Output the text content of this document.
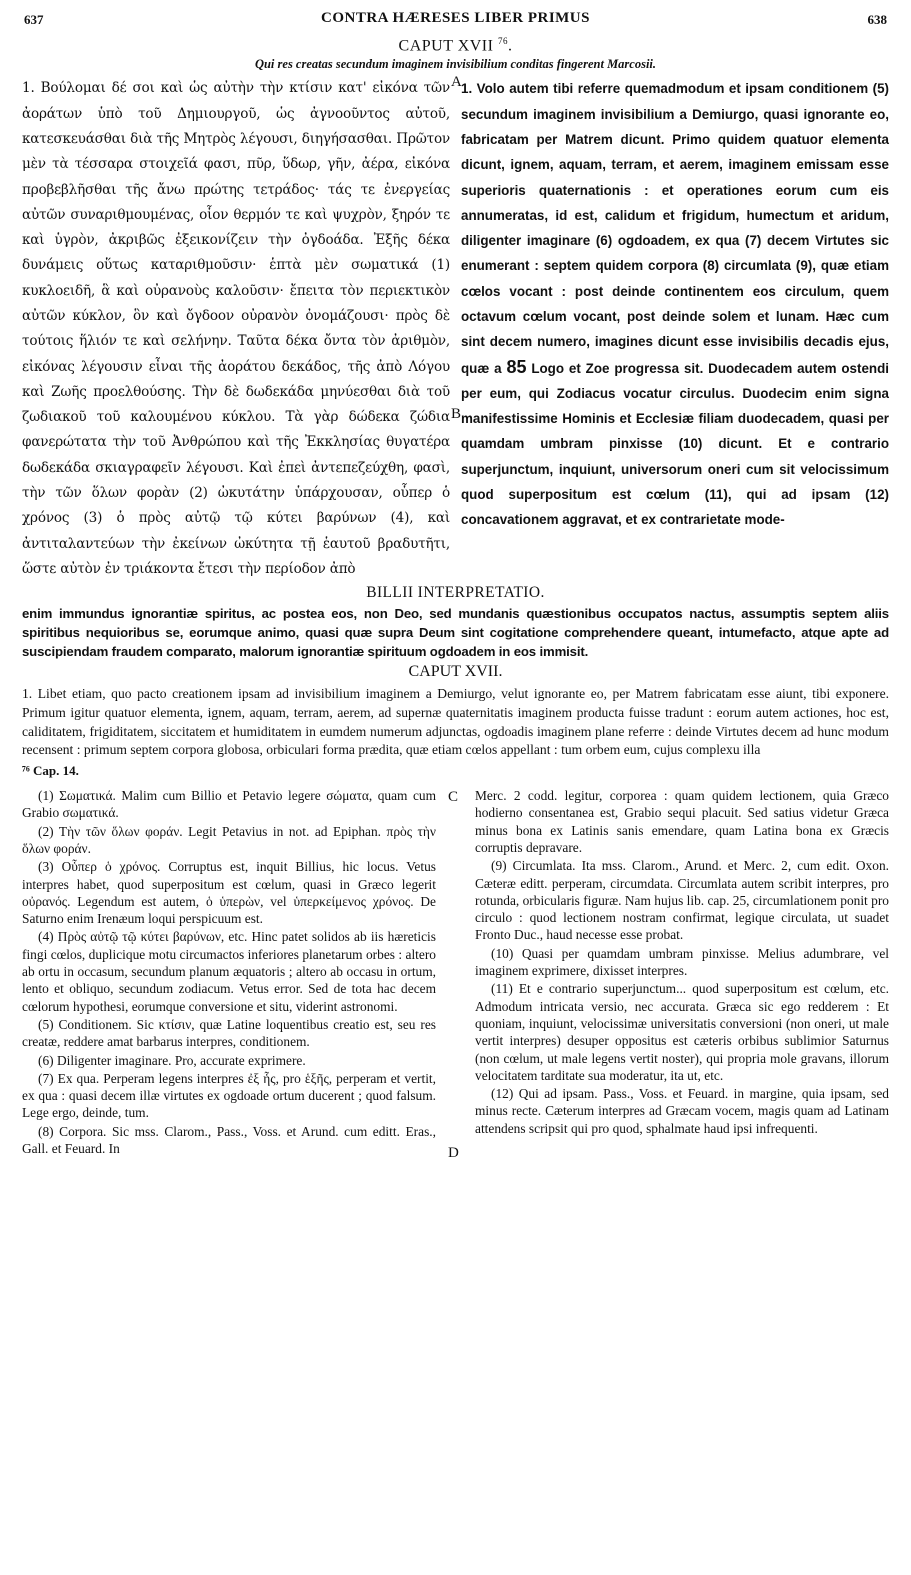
637	CONTRA HÆRESES LIBER PRIMUS	638
CAPUT XVII $^{76}$.
Qui res creatas secundum imaginem invisibilium conditas fingerent Marcosii.

1. Βούλομαι δέ σοι καὶ ὡς αὐτὴν τὴν κτίσιν κατ' εἰκόνα τῶν ἀοράτων ὑπὸ τοῦ Δημιουργοῦ, ὡς ἀγνοοῦντος αὐτοῦ, κατεσκευάσθαι διὰ τῆς Μητρὸς λέγουσι, διηγήσασθαι. Πρῶτον μὲν τὰ τέσσαρα στοιχεῖά φασι, πῦρ, ὕδωρ, γῆν, ἀέρα, εἰκόνα προβεβλῆσθαι τῆς ἄνω πρώτης τετράδος· τάς τε ἐνεργείας αὐτῶν συναριθμουμένας, οἷον θερμόν τε καὶ ψυχρὸν, ξηρόν τε καὶ ὑγρὸν, ἀκριβῶς ἐξεικονίζειν τὴν ὀγδοάδα. Ἐξῆς δέκα δυνάμεις οὕτως καταριθμοῦσιν· ἑπτὰ μὲν σωματικά (1) κυκλοειδῆ, ἃ καὶ οὐρανοὺς καλοῦσιν· ἔπειτα τὸν περιεκτικὸν αὐτῶν κύκλον, ὃν καὶ ὄγδοον οὐρανὸν ὀνομάζουσι· πρὸς δὲ τούτοις ἥλιόν τε καὶ σελήνην. Ταῦτα δέκα ὄντα τὸν ἀριθμὸν, εἰκόνας λέγουσιν εἶναι τῆς ἀοράτου δεκάδος, τῆς ἀπὸ Λόγου καὶ Ζωῆς προελθούσης. Τὴν δὲ δωδεκάδα μηνύεσθαι διὰ τοῦ ζωδιακοῦ τοῦ καλουμένου κύκλου. Τὰ γὰρ δώδεκα ζώδια φανερώτατα τὴν τοῦ Ἀνθρώπου καὶ τῆς Ἐκκλησίας θυγατέρα δωδεκάδα σκιαγραφεῖν λέγουσι. Καὶ ἐπεὶ ἀντεπεζεύχθη, φασὶ, τὴν τῶν ὅλων φορὰν (2) ὠκυτάτην ὑπάρχουσαν, οὗπερ ὁ χρόνος (3) ὁ πρὸς αὐτῷ τῷ κύτει βαρύνων (4), καὶ ἀντιταλαντεύων τὴν ἐκείνων ὠκύτητα τῇ ἑαυτοῦ βραδυτῆτι, ὥστε αὐτὸν ἐν τριάκοντα ἔτεσι τὴν περίοδον ἀπὸ

A
B

1. Volo autem tibi referre quemadmodum et ipsam conditionem (5) secundum imaginem invisibilium a Demiurgo, quasi ignorante eo, fabricatam per Matrem dicunt. Primo quidem quatuor elementa dicunt, ignem, aquam, terram, et aerem, imaginem emissam esse superioris quaternationis : et operationes eorum cum eis annumeratas, id est, calidum et frigidum, humectum et aridum, diligenter imaginare (6) ogdoadem, ex qua (7) decem Virtutes sic enumerant : septem quidem corpora (8) circumlata (9), quæ etiam cœlos vocant : post deinde continentem eos circulum, quem octavum cœlum vocant, post deinde solem et lunam. Hæc cum sint decem numero, imagines dicunt esse invisibilis decadis ejus, quæ a 85 Logo et Zoe progressa sit. Duodecadem autem ostendi per eum, qui Zodiacus vocatur circulus. Duodecim enim signa manifestissime Hominis et Ecclesiæ filiam duodecadem, quasi per quamdam umbram pinxisse (10) dicunt. Et e contrario superjunctum, inquiunt, universorum oneri cum sit velocissimum quod superpositum est cœlum (11), qui ad ipsam (12) concavationem aggravat, et ex contrarietate mode-

BILLII INTERPRETATIO.

enim immundus ignorantiæ spiritus, ac postea eos, non Deo, sed mundanis quæstionibus occupatos nactus, assumptis septem aliis spiritibus nequioribus se, eorumque animo, quasi quæ supra Deum sint cogitatione comprehendere queant, intumefacto, atque apte ad suscipiendam fraudem comparato, malorum ignorantiæ spirituum ogdoadem in eos immisit.

CAPUT XVII.

1. Libet etiam, quo pacto creationem ipsam ad invisibilium imaginem a Demiurgo, velut ignorante eo, per Matrem fabricatam esse aiunt, tibi exponere. Primum igitur quatuor elementa, ignem, aquam, terram, aerem, ad supernæ quaternitatis imaginem producta fuisse tradunt : eorum autem actiones, hoc est, caliditatem, frigiditatem, siccitatem et humiditatem in eumdem numerum adjunctas, ogdoadis imaginem plane referre : deinde Virtutes decem ad hunc modum recensent : primum septem corpora globosa, orbiculari forma prædita, quæ etiam cœlos appellant : tum orbem eum, cujus complexu illa

⁷⁶ Cap. 14.

(1) Σωματικά. Malim cum Billio et Petavio legere σώματα, quam cum Grabio σωματικά.

(2) Τὴν τῶν ὅλων φοράν. Legit Petavius in not. ad Epiphan. πρὸς τὴν ὅλων φοράν.

(3) Οὗπερ ὁ χρόνος. Corruptus est, inquit Billius, hic locus. Vetus interpres habet, quod superpositum est cœlum, quasi in Græco legerit οὐρανός. Legendum est autem, ὁ ὑπερὼν, vel ὑπερκείμενος χρόνος. De Saturno enim Irenæum loqui perspicuum est.

(4) Πρὸς αὐτῷ τῷ κύτει βαρύνων, etc. Hinc patet solidos ab iis hæreticis fingi cœlos, duplicique motu circumactos inferiores planetarum orbes : altero ab ortu in occasum, secundum planum æquatoris ; altero ab occasu in ortum, lento et obliquo, secundum zodiacum. Vetus error. Sed de tota hac decem cœlorum hypothesi, eorumque conversione et situ, viderint astronomi.

(5) Conditionem. Sic κτίσιν, quæ Latine loquentibus creatio est, seu res creatæ, reddere amat barbarus interpres, conditionem.

(6) Diligenter imaginare. Pro, accurate exprimere.

(7) Ex qua. Perperam legens interpres ἐξ ἧς, pro ἑξῆς, perperam et vertit, ex qua : quasi decem illæ virtutes ex ogdoade ortum ducerent ; quod falsum. Lege ergo, deinde, tum.

(8) Corpora. Sic mss. Clarom., Pass., Voss. et Arund. cum editt. Eras., Gall. et Feuard. In

C
D

Merc. 2 codd. legitur, corporea : quam quidem lectionem, quia Græco hodierno consentanea est, Grabio sequi placuit. Sed satius videtur Græca minus bona ex Latinis sanis emendare, quam Latina bona ex Græcis corruptis depravare.

(9) Circumlata. Ita mss. Clarom., Arund. et Merc. 2, cum edit. Oxon. Cæteræ editt. perperam, circumdata. Circumlata autem scribit interpres, pro rotunda, orbicularis figuræ. Nam hujus lib. cap. 25, circumlationem ponit pro circulo : quod lectionem nostram confirmat, legique circulata, ut suadet Fronto Duc., haud necesse esse probat.

(10) Quasi per quamdam umbram pinxisse. Melius adumbrare, vel imaginem exprimere, dixisset interpres.

(11) Et e contrario superjunctum... quod superpositum est cœlum, etc. Admodum intricata versio, nec accurata. Græca sic ego redderem : Et quoniam, inquiunt, velocissimæ universitatis conversioni (non oneri, ut male vertit interpres) desuper oppositus est cæteris orbibus sublimior Saturnus (non cœlum, ut male legens vertit noster), qui propria mole gravans, illorum velocitatem tarditate sua moderatur, ita ut, etc.

(12) Qui ad ipsam. Pass., Voss. et Feuard. in margine, quia ipsam, sed minus recte. Cæterum interpres ad Græcam vocem, magis quam ad Latinam attendens scripsit qui pro quod, sphalmate haud ipsi infrequenti.
